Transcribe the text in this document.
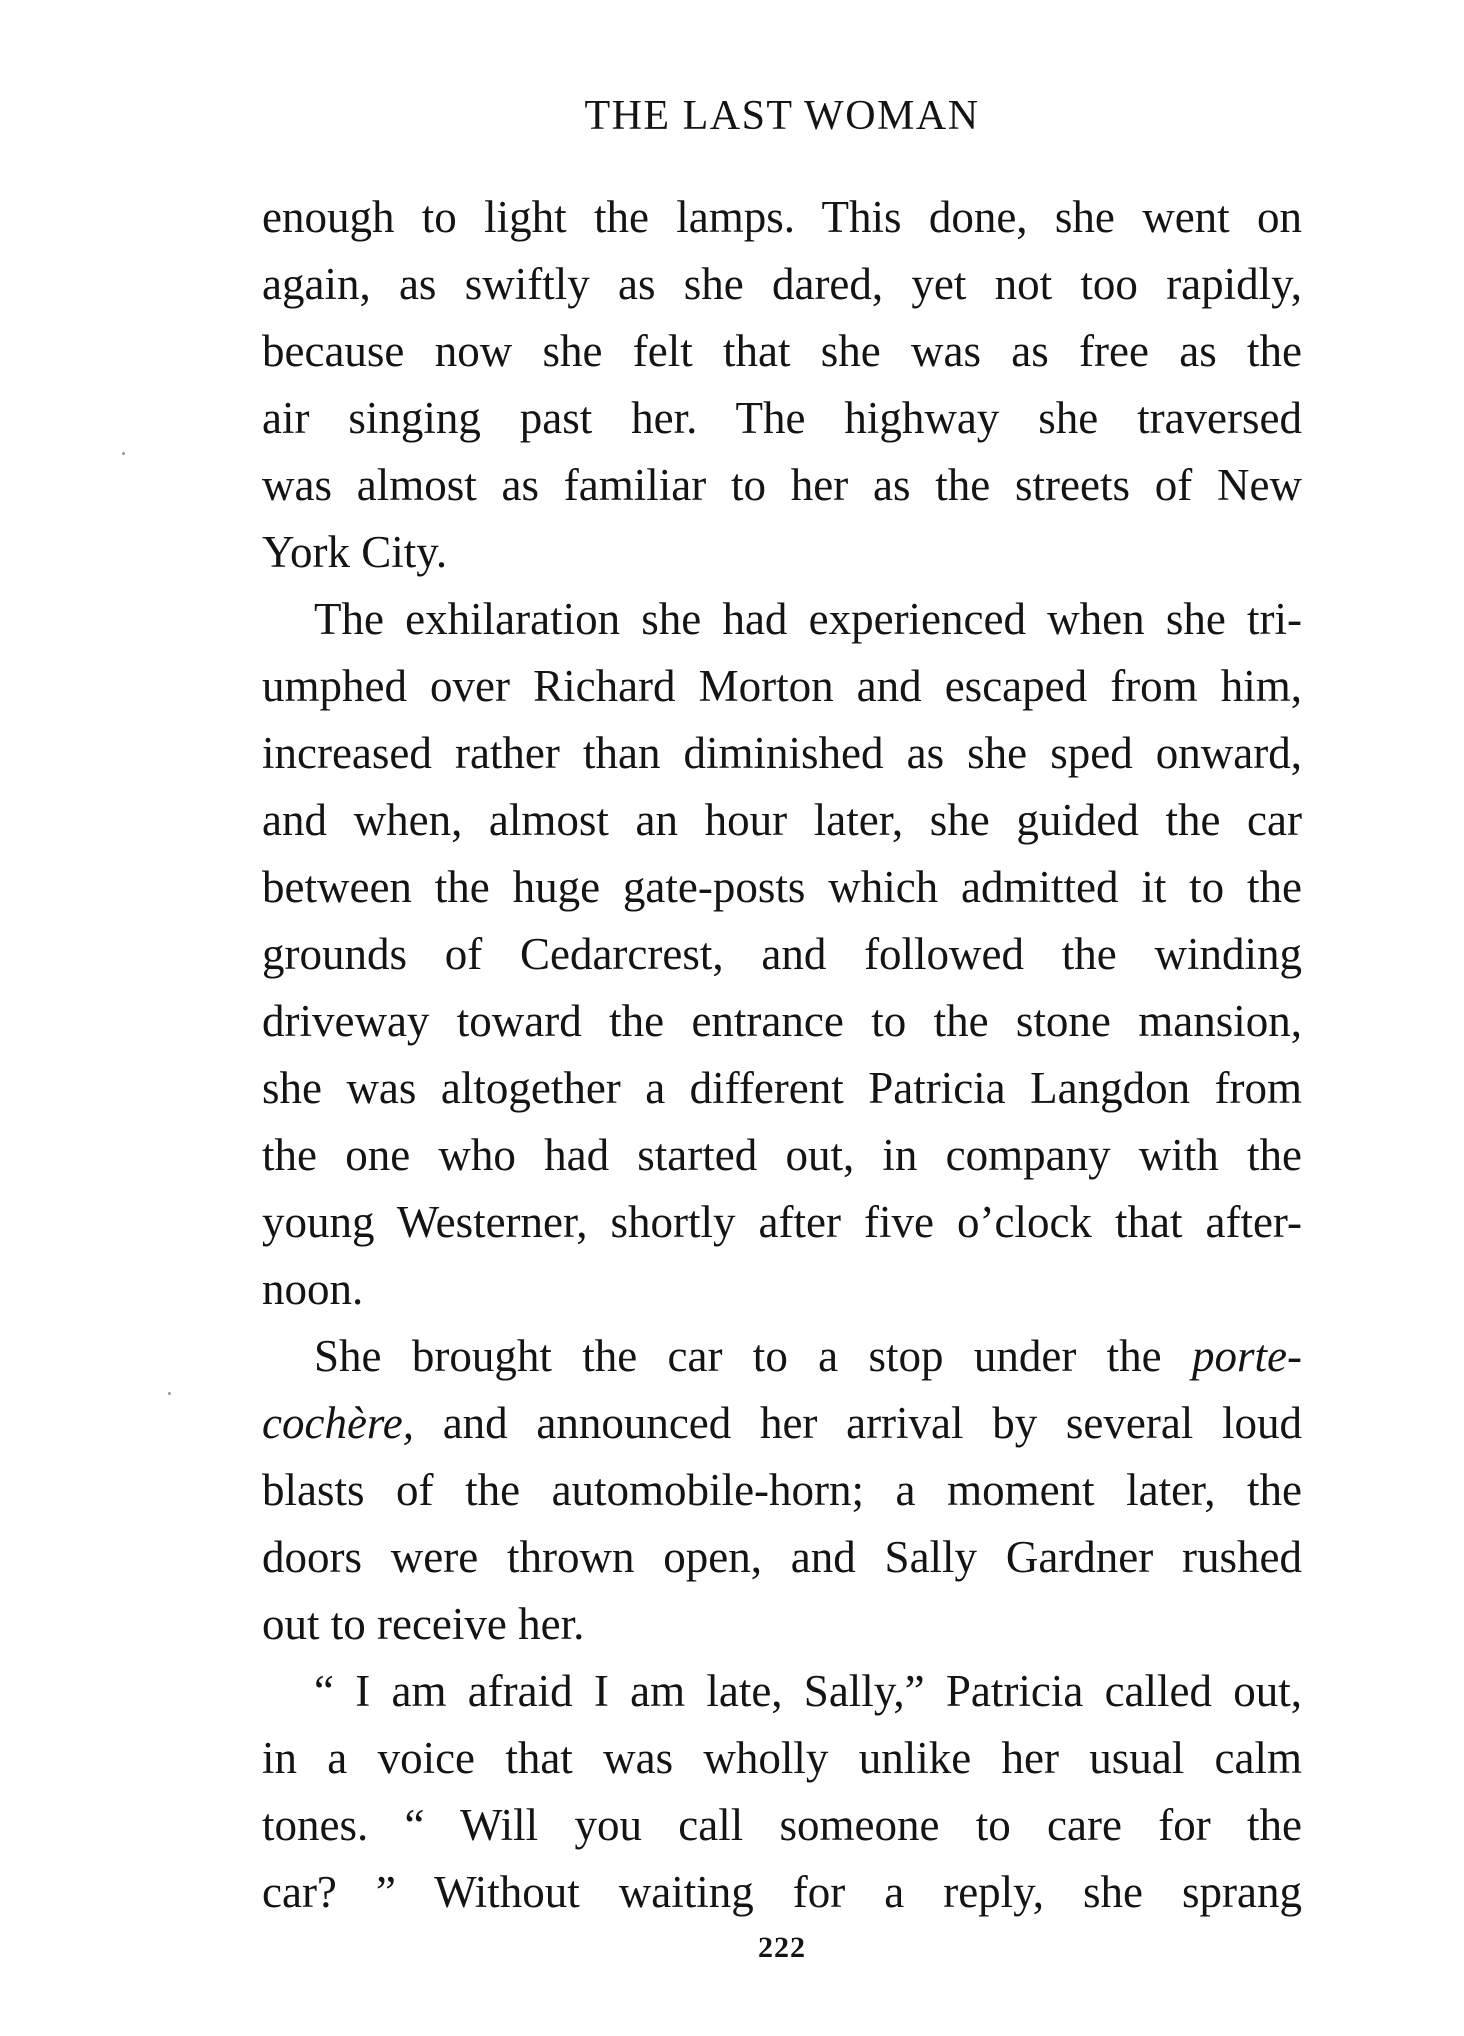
THE LAST WOMAN
enough to light the lamps. This done, she went on
again, as swiftly as she dared, yet not too rapidly,
because now she felt that she was as free as the
air singing past her. The highway she traversed
was almost as familiar to her as the streets of New
York City.
The exhilaration she had experienced when she tri-
umphed over Richard Morton and escaped from him,
increased rather than diminished as she sped onward,
and when, almost an hour later, she guided the car
between the huge gate-posts which admitted it to the
grounds of Cedarcrest, and followed the winding
driveway toward the entrance to the stone mansion,
she was altogether a different Patricia Langdon from
the one who had started out, in company with the
young Westerner, shortly after five o’clock that after-
noon.
She brought the car to a stop under the porte-
cochère, and announced her arrival by several loud
blasts of the automobile-horn; a moment later, the
doors were thrown open, and Sally Gardner rushed
out to receive her.
“ I am afraid I am late, Sally,” Patricia called out,
in a voice that was wholly unlike her usual calm
tones. “ Will you call someone to care for the
car? ” Without waiting for a reply, she sprang
222
